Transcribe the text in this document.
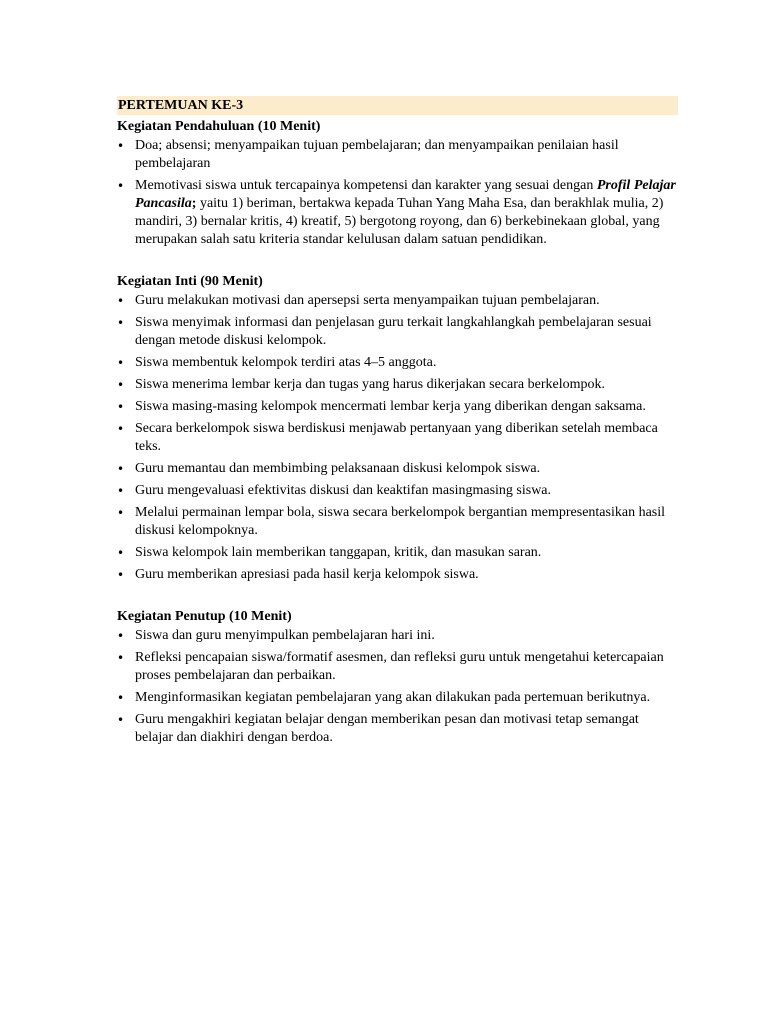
PERTEMUAN KE-3
Kegiatan Pendahuluan (10 Menit)
• Doa; absensi; menyampaikan tujuan pembelajaran; dan menyampaikan penilaian hasil pembelajaran
• Memotivasi siswa untuk tercapainya kompetensi dan karakter yang sesuai dengan Profil Pelajar Pancasila; yaitu 1) beriman, bertakwa kepada Tuhan Yang Maha Esa, dan berakhlak mulia, 2) mandiri, 3) bernalar kritis, 4) kreatif, 5) bergotong royong, dan 6) berkebinekaan global, yang merupakan salah satu kriteria standar kelulusan dalam satuan pendidikan.
Kegiatan Inti (90 Menit)
• Guru melakukan motivasi dan apersepsi serta menyampaikan tujuan pembelajaran.
• Siswa menyimak informasi dan penjelasan guru terkait langkahlangkah pembelajaran sesuai dengan metode diskusi kelompok.
• Siswa membentuk kelompok terdiri atas 4–5 anggota.
• Siswa menerima lembar kerja dan tugas yang harus dikerjakan secara berkelompok.
• Siswa masing-masing kelompok mencermati lembar kerja yang diberikan dengan saksama.
• Secara berkelompok siswa berdiskusi menjawab pertanyaan yang diberikan setelah membaca teks.
• Guru memantau dan membimbing pelaksanaan diskusi kelompok siswa.
• Guru mengevaluasi efektivitas diskusi dan keaktifan masingmasing siswa.
• Melalui permainan lempar bola, siswa secara berkelompok bergantian mempresentasikan hasil diskusi kelompoknya.
• Siswa kelompok lain memberikan tanggapan, kritik, dan masukan saran.
• Guru memberikan apresiasi pada hasil kerja kelompok siswa.
Kegiatan Penutup (10 Menit)
• Siswa dan guru menyimpulkan pembelajaran hari ini.
• Refleksi pencapaian siswa/formatif asesmen, dan refleksi guru untuk mengetahui ketercapaian proses pembelajaran dan perbaikan.
• Menginformasikan kegiatan pembelajaran yang akan dilakukan pada pertemuan berikutnya.
• Guru mengakhiri kegiatan belajar dengan memberikan pesan dan motivasi tetap semangat belajar dan diakhiri dengan berdoa.
